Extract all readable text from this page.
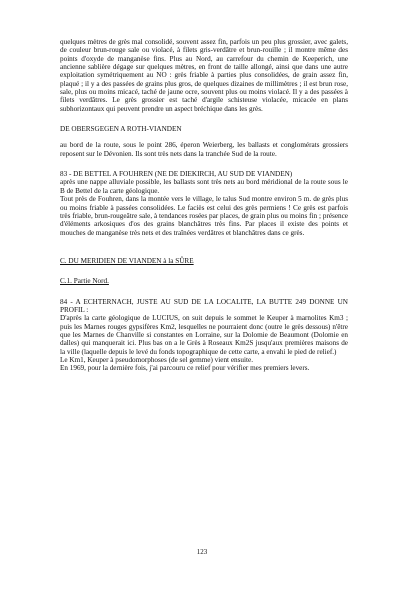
quelques mètres de grès mal consolidé, souvent assez fin, parfois un peu plus grossier, avec galets, de couleur brun-rouge sale ou violacé, à filets gris-verdâtre et brun-rouille ; il montre même des points d'oxyde de manganèse fins. Plus au Nord, au carrefour du chemin de Keeperich, une ancienne sablière dégage sur quelques mètres, en front de taille allongé, ainsi que dans une autre exploitation symétriquement au NO : grès friable à parties plus consolidées, de grain assez fin, plaqué ; il y a des passées de grains plus gros, de quelques dizaines de millimètres ; il est brun rose, sale, plus ou moins micacé, taché de jaune ocre, souvent plus ou moins violacé. Il y a des passées à filets verdâtres. Le grès grossier est taché d'argile schisteuse violacée, micacée en plans subhorizontaux qui peuvent prendre un aspect bréchique dans les grès.

DE OBERSGEGEN A ROTH-VIANDEN

au bord de la route, sous le point 286, éperon Weierberg, les ballasts et conglomérats grossiers reposent sur le Dévonien. Ils sont très nets dans la tranchée Sud de la route.

83 - DE BETTEL A FOUHREN (NE DE DIEKIRCH, AU SUD DE VIANDEN)

après une nappe alluviale possible, les ballasts sont très nets au bord méridional de la route sous le B de Bettel de la carte géologique.

Tout près de Fouhren, dans la montée vers le village, le talus Sud montre environ 5 m. de grès plus ou moins friable à passées consolidées. Le faciès est celui des grès permiens ! Ce grès est parfois très friable, brun-rougeâtre sale, à tendances rosées par places, de grain plus ou moins fin ; présence d'éléments arkosiques d'os des grains blanchâtres très fins. Par places il existe des points et mouches de manganèse très nets et des traînées verdâtres et blanchâtres dans ce grès.

C. DU MERIDIEN DE VIANDEN à la SÛRE

C.1. Partie Nord.

84 - A ECHTERNACH, JUSTE AU SUD DE LA LOCALITE, LA BUTTE 249 DONNE UN PROFIL :

D'après la carte géologique de LUCIUS, on suit depuis le sommet le Keuper à marnolites Km3 ; puis les Marnes rouges gypsifères Km2, lesquelles ne pourraient donc (outre le grès dessous) n'être que les Marnes de Chanville si constantes en Lorraine, sur la Dolomie de Beaumont (Dolomie en dalles) qui manquerait ici. Plus bas on a le Grès à Roseaux Km2S jusqu'aux premières maisons de la ville (laquelle depuis le levé du fonds topographique de cette carte, a envahi le pied de relief.)

Le Km1, Keuper à pseudomorphoses (de sel gemme) vient ensuite.

En 1969, pour la dernière fois, j'ai parcouru ce relief pour vérifier mes premiers levers.

123
